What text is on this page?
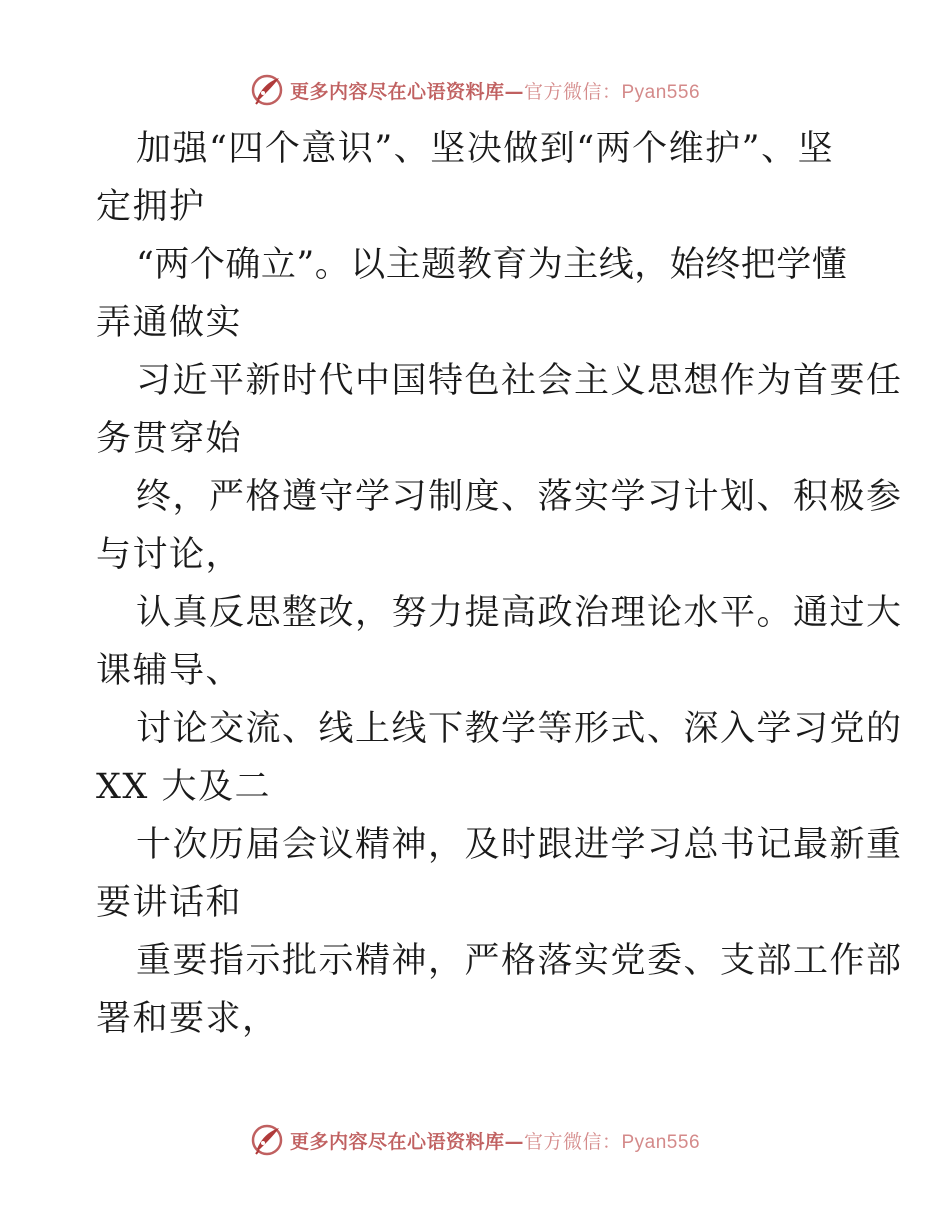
更多内容尽在心语资料库—官方微信：Pyan556
加强“四个意识”、坚决做到“两个维护”、坚
定拥护
“两个确立”。以主题教育为主线，始终把学懂
弄通做实
习近平新时代中国特色社会主义思想作为首要任
务贯穿始
终，严格遵守学习制度、落实学习计划、积极参
与讨论，
认真反思整改，努力提高政治理论水平。通过大
课辅导、
讨论交流、线上线下教学等形式、深入学习党的
XX 大及二
十次历届会议精神，及时跟进学习总书记最新重
要讲话和
重要指示批示精神，严格落实党委、支部工作部
署和要求，
更多内容尽在心语资料库—官方微信：Pyan556
